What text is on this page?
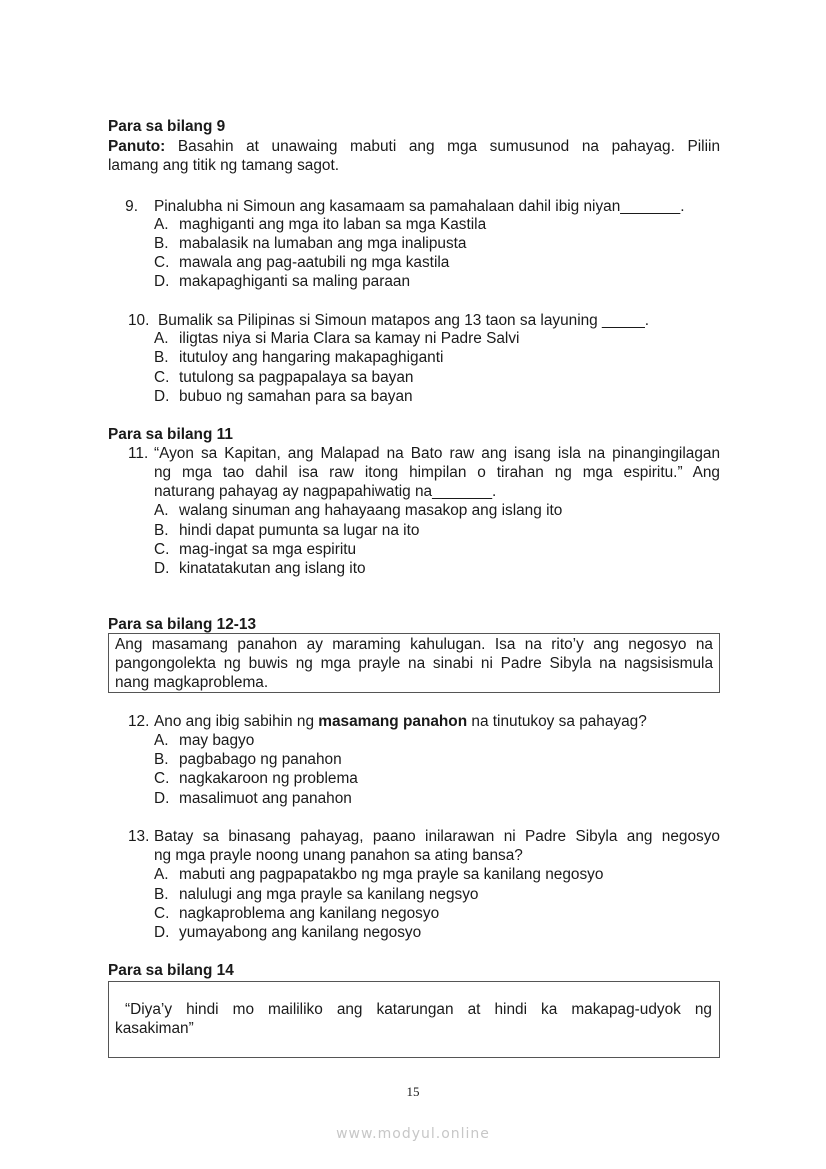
Para sa bilang 9
Panuto: Basahin at unawaing mabuti ang mga sumusunod na pahayag. Piliin
lamang ang titik ng tamang sagot.
9. Pinalubha ni Simoun ang kasamaam sa pamahalaan dahil ibig niyan_______.
A. maghiganti ang mga ito laban sa mga Kastila
B. mabalasik na lumaban ang mga inalipusta
C. mawala ang pag-aatubili ng mga kastila
D. makapaghiganti sa maling paraan
10. Bumalik sa Pilipinas si Simoun matapos ang 13 taon sa layuning _____.
A. iligtas niya si Maria Clara sa kamay ni Padre Salvi
B. itutuloy ang hangaring makapaghiganti
C. tutulong sa pagpapalaya sa bayan
D. bubuo ng samahan para sa bayan
Para sa bilang 11
11. “Ayon sa Kapitan, ang Malapad na Bato raw ang isang isla na pinangingilagan
ng mga tao dahil isa raw itong himpilan o tirahan ng mga espiritu.” Ang
naturang pahayag ay nagpapahiwatig na_______.
A. walang sinuman ang hahayaang masakop ang islang ito
B. hindi dapat pumunta sa lugar na ito
C. mag-ingat sa mga espiritu
D. kinatatakutan ang islang ito
Para sa bilang 12-13
Ang masamang panahon ay maraming kahulugan. Isa na rito’y ang negosyo na
pangongolekta ng buwis ng mga prayle na sinabi ni Padre Sibyla na nagsisismula
nang magkaproblema.
12. Ano ang ibig sabihin ng masamang panahon na tinutukoy sa pahayag?
A. may bagyo
B. pagbabago ng panahon
C. nagkakaroon ng problema
D. masalimuot ang panahon
13. Batay sa binasang pahayag, paano inilarawan ni Padre Sibyla ang negosyo
ng mga prayle noong unang panahon sa ating bansa?
A. mabuti ang pagpapatakbo ng mga prayle sa kanilang negosyo
B. nalulugi ang mga prayle sa kanilang negsyo
C. nagkaproblema ang kanilang negosyo
D. yumayabong ang kanilang negosyo
Para sa bilang 14
“Diya’y hindi mo maililiko ang katarungan at hindi ka makapag-udyok ng
kasakiman”
15
www.modyul.online
